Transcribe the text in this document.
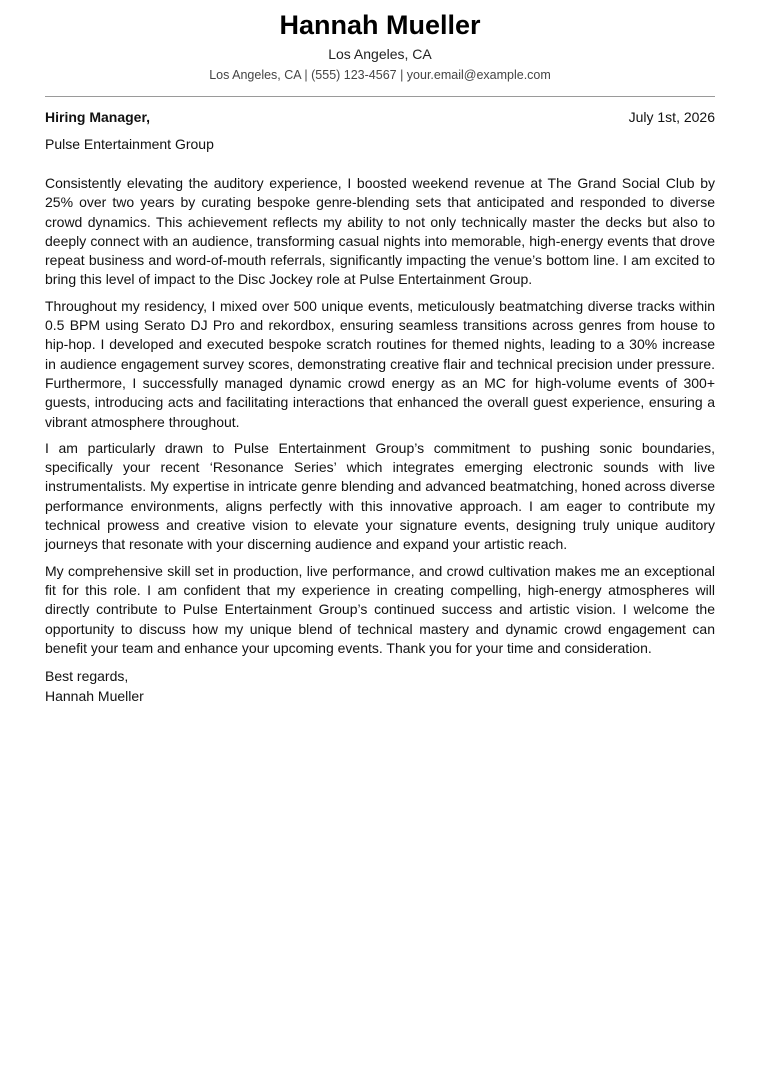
Hannah Mueller
Los Angeles, CA
Los Angeles, CA | (555) 123-4567 | your.email@example.com
Hiring Manager,	July 1st, 2026
Pulse Entertainment Group

Consistently elevating the auditory experience, I boosted weekend revenue at The Grand Social Club by 25% over two years by curating bespoke genre-blending sets that anticipated and responded to diverse crowd dynamics. This achievement reflects my ability to not only technically master the decks but also to deeply connect with an audience, transforming casual nights into memorable, high-energy events that drove repeat business and word-of-mouth referrals, significantly impacting the venue’s bottom line. I am excited to bring this level of impact to the Disc Jockey role at Pulse Entertainment Group.

Throughout my residency, I mixed over 500 unique events, meticulously beatmatching diverse tracks within 0.5 BPM using Serato DJ Pro and rekordbox, ensuring seamless transitions across genres from house to hip-hop. I developed and executed bespoke scratch routines for themed nights, leading to a 30% increase in audience engagement survey scores, demonstrating creative flair and technical precision under pressure. Furthermore, I successfully managed dynamic crowd energy as an MC for high-volume events of 300+ guests, introducing acts and facilitating interactions that enhanced the overall guest experience, ensuring a vibrant atmosphere throughout.

I am particularly drawn to Pulse Entertainment Group’s commitment to pushing sonic boundaries, specifically your recent ‘Resonance Series’ which integrates emerging electronic sounds with live instrumentalists. My expertise in intricate genre blending and advanced beatmatching, honed across diverse performance environments, aligns perfectly with this innovative approach. I am eager to contribute my technical prowess and creative vision to elevate your signature events, designing truly unique auditory journeys that resonate with your discerning audience and expand your artistic reach.

My comprehensive skill set in production, live performance, and crowd cultivation makes me an exceptional fit for this role. I am confident that my experience in creating compelling, high-energy atmospheres will directly contribute to Pulse Entertainment Group’s continued success and artistic vision. I welcome the opportunity to discuss how my unique blend of technical mastery and dynamic crowd engagement can benefit your team and enhance your upcoming events. Thank you for your time and consideration.

Best regards,
Hannah Mueller
